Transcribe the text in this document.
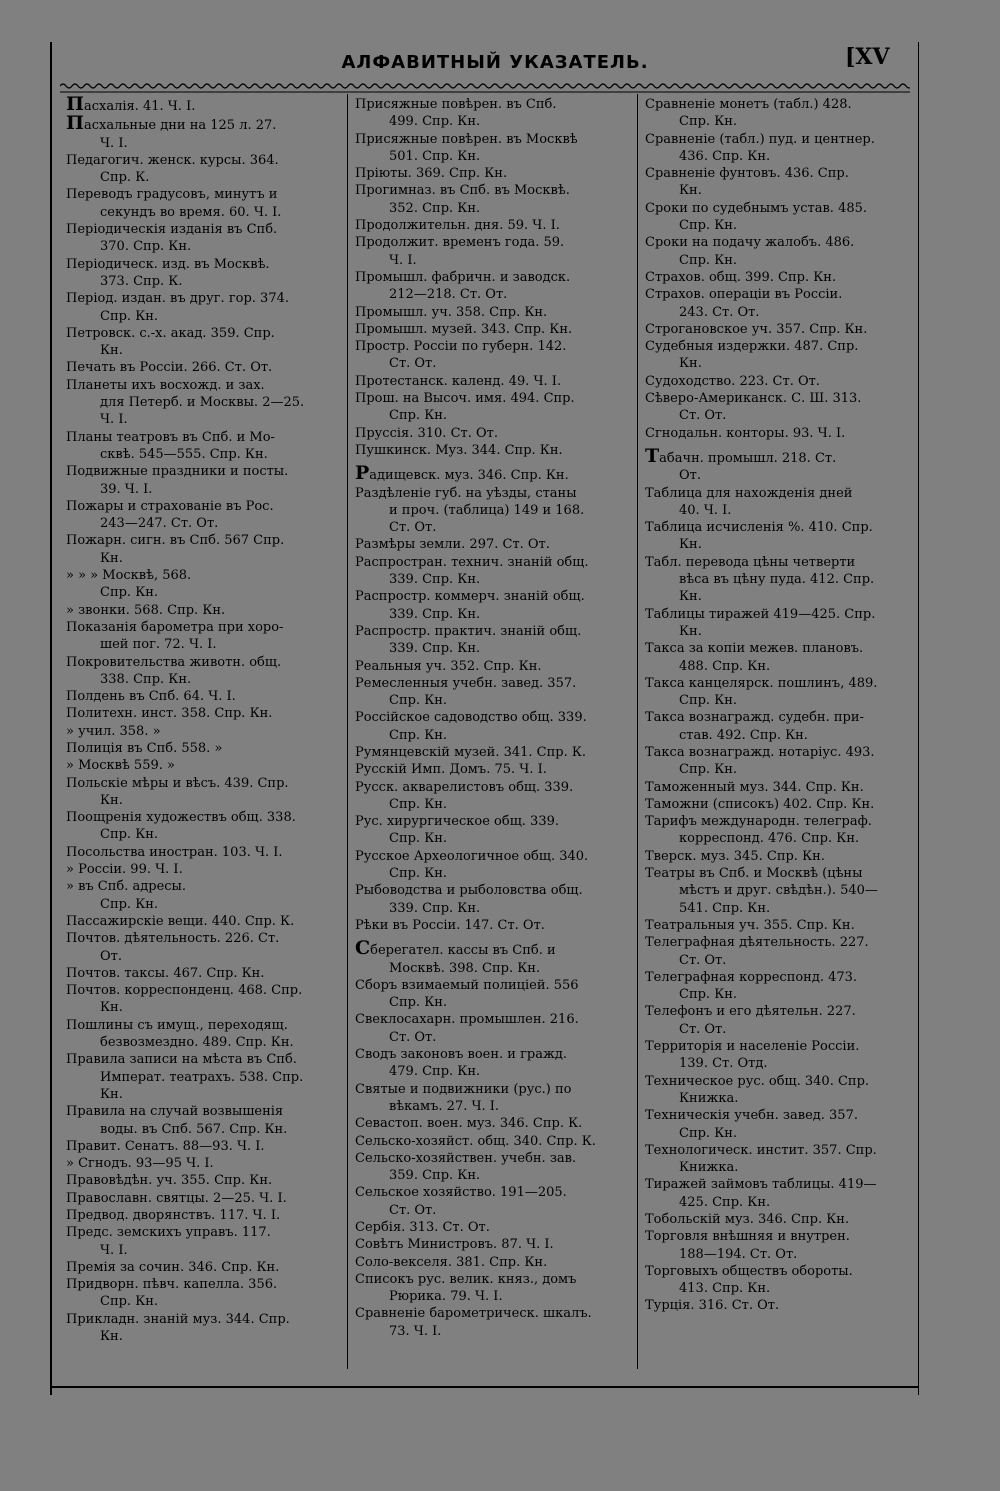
АЛФАВИТНЫЙ УКАЗАТЕЛЬ.	[XV
Пасхалія. 41. Ч. I.
Пасхальные дни на 125 л. 27.
Ч. I.
Педагогич. женск. курсы. 364.
Спр. К.
Переводъ градусовъ, минутъ и
секундъ во время. 60. Ч. I.
Періодическія изданія въ Спб.
370. Спр. Кн.
Періодическ. изд. въ Москвѣ.
373. Спр. К.
Період. издан. въ друг. гор. 374.
Спр. Кн.
Петровск. с.-х. акад. 359. Спр.
Кн.
Печать въ Россіи. 266. Ст. От.
Планеты ихъ восхожд. и зах.
для Петерб. и Москвы. 2—25.
Ч. I.
Планы театровъ въ Спб. и Мо-
сквѣ. 545—555. Спр. Кн.
Подвижные праздники и посты.
39. Ч. I.
Пожары и страхованіе въ Рос.
243—247. Ст. От.
Пожарн. сигн. въ Спб. 567 Спр.
Кн.
» » » Москвѣ, 568.
Спр. Кн.
» звонки. 568. Спр. Кн.
Показанія барометра при хоро-
шей пог. 72. Ч. I.
Покровительства животн. общ.
338. Спр. Кн.
Полдень въ Спб. 64. Ч. I.
Политехн. инст. 358. Спр. Кн.
» учил. 358. »
Полиція въ Спб. 558. »
» Москвѣ 559. »
Польскіе мѣры и вѣсъ. 439. Спр.
Кн.
Поощренія художествъ общ. 338.
Спр. Кн.
Посольства иностран. 103. Ч. I.
» Россіи. 99. Ч. I.
» въ Спб. адресы.
Спр. Кн.
Пассажирскіе вещи. 440. Спр. К.
Почтов. дѣятельность. 226. Ст.
От.
Почтов. таксы. 467. Спр. Кн.
Почтов. корреспонденц. 468. Спр.
Кн.
Пошлины съ имущ., переходящ.
безвозмездно. 489. Спр. Кн.
Правила записи на мѣста въ Спб.
Императ. театрахъ. 538. Спр.
Кн.
Правила на случай возвышенія
воды. въ Спб. 567. Спр. Кн.
Правит. Сенатъ. 88—93. Ч. I.
» Сгнодъ. 93—95 Ч. I.
Правовѣдѣн. уч. 355. Спр. Кн.
Православн. святцы. 2—25. Ч. I.
Предвод. дворянствъ. 117. Ч. I.
Предс. земскихъ управъ. 117.
Ч. I.
Премія за сочин. 346. Спр. Кн.
Придворн. пѣвч. капелла. 356.
Спр. Кн.
Прикладн. знаній муз. 344. Спр.
Кн.
Присяжные повѣрен. въ Спб.
499. Спр. Кн.
Присяжные повѣрен. въ Москвѣ
501. Спр. Кн.
Пріюты. 369. Спр. Кн.
Прогимназ. въ Спб. въ Москвѣ.
352. Спр. Кн.
Продолжительн. дня. 59. Ч. I.
Продолжит. временъ года. 59.
Ч. I.
Промышл. фабричн. и заводск.
212—218. Ст. От.
Промышл. уч. 358. Спр. Кн.
Промышл. музей. 343. Спр. Кн.
Простр. Россіи по губерн. 142.
Ст. От.
Протестанск. календ. 49. Ч. I.
Прош. на Высоч. имя. 494. Спр.
Спр. Кн.
Пруссія. 310. Ст. От.
Пушкинск. Муз. 344. Спр. Кн.
Радищевск. муз. 346. Спр. Кн.
Раздѣленіе губ. на уѣзды, станы
и проч. (таблица) 149 и 168.
Ст. От.
Размѣры земли. 297. Ст. От.
Распростран. технич. знаній общ.
339. Спр. Кн.
Распростр. коммерч. знаній общ.
339. Спр. Кн.
Распростр. практич. знаній общ.
339. Спр. Кн.
Реальныя уч. 352. Спр. Кн.
Ремесленныя учебн. завед. 357.
Спр. Кн.
Россійское садоводство общ. 339.
Спр. Кн.
Румянцевскій музей. 341. Спр. К.
Русскій Имп. Домъ. 75. Ч. I.
Русск. акварелистовъ общ. 339.
Спр. Кн.
Рус. хирургическое общ. 339.
Спр. Кн.
Русское Археологичное общ. 340.
Спр. Кн.
Рыбоводства и рыболовства общ.
339. Спр. Кн.
Рѣки въ Россіи. 147. Ст. От.
Сберегател. кассы въ Спб. и
Москвѣ. 398. Спр. Кн.
Сборъ взимаемый полиціей. 556
Спр. Кн.
Свеклосахарн. промышлен. 216.
Ст. От.
Сводъ законовъ воен. и гражд.
479. Спр. Кн.
Святые и подвижники (рус.) по
вѣкамъ. 27. Ч. I.
Севастоп. воен. муз. 346. Спр. К.
Сельско-хозяйст. общ. 340. Спр. К.
Сельско-хозяйствен. учебн. зав.
359. Спр. Кн.
Сельское хозяйство. 191—205.
Ст. От.
Сербія. 313. Ст. От.
Совѣтъ Министровъ. 87. Ч. I.
Соло-векселя. 381. Спр. Кн.
Списокъ рус. велик. княз., домъ
Рюрика. 79. Ч. I.
Сравненіе барометрическ. шкалъ.
73. Ч. I.
Сравненіе монетъ (табл.) 428.
Спр. Кн.
Сравненіе (табл.) пуд. и центнер.
436. Спр. Кн.
Сравненіе фунтовъ. 436. Спр.
Кн.
Сроки по судебнымъ устав. 485.
Спр. Кн.
Сроки на подачу жалобъ. 486.
Спр. Кн.
Страхов. общ. 399. Спр. Кн.
Страхов. операціи въ Россіи.
243. Ст. От.
Строгановское уч. 357. Спр. Кн.
Судебныя издержки. 487. Спр.
Кн.
Судоходство. 223. Ст. От.
Сѣверо-Американск. С. Ш. 313.
Ст. От.
Сгнодальн. конторы. 93. Ч. I.
Табачн. промышл. 218. Ст.
От.
Таблица для нахожденія дней
40. Ч. I.
Таблица исчисленія %. 410. Спр.
Кн.
Табл. перевода цѣны четверти
вѣса въ цѣну пуда. 412. Спр.
Кн.
Таблицы тиражей 419—425. Спр.
Кн.
Такса за копіи межев. плановъ.
488. Спр. Кн.
Такса канцелярск. пошлинъ, 489.
Спр. Кн.
Такса вознагражд. судебн. при-
став. 492. Спр. Кн.
Такса вознагражд. нотаріус. 493.
Спр. Кн.
Таможенный муз. 344. Спр. Кн.
Таможни (списокъ) 402. Спр. Кн.
Тарифъ международн. телеграф.
корреспонд. 476. Спр. Кн.
Тверск. муз. 345. Спр. Кн.
Театры въ Спб. и Москвѣ (цѣны
мѣстъ и друг. свѣдѣн.). 540—
541. Спр. Кн.
Театральныя уч. 355. Спр. Кн.
Телеграфная дѣятельность. 227.
Ст. От.
Телеграфная корреспонд. 473.
Спр. Кн.
Телефонъ и его дѣятельн. 227.
Ст. От.
Территорія и населеніе Россіи.
139. Ст. Отд.
Техническое рус. общ. 340. Спр.
Книжка.
Техническія учебн. завед. 357.
Спр. Кн.
Технологическ. инстит. 357. Спр.
Книжка.
Тиражей займовъ таблицы. 419—
425. Спр. Кн.
Тобольскій муз. 346. Спр. Кн.
Торговля внѣшняя и внутрен.
188—194. Ст. От.
Торговыхъ обществъ обороты.
413. Спр. Кн.
Турція. 316. Ст. От.
